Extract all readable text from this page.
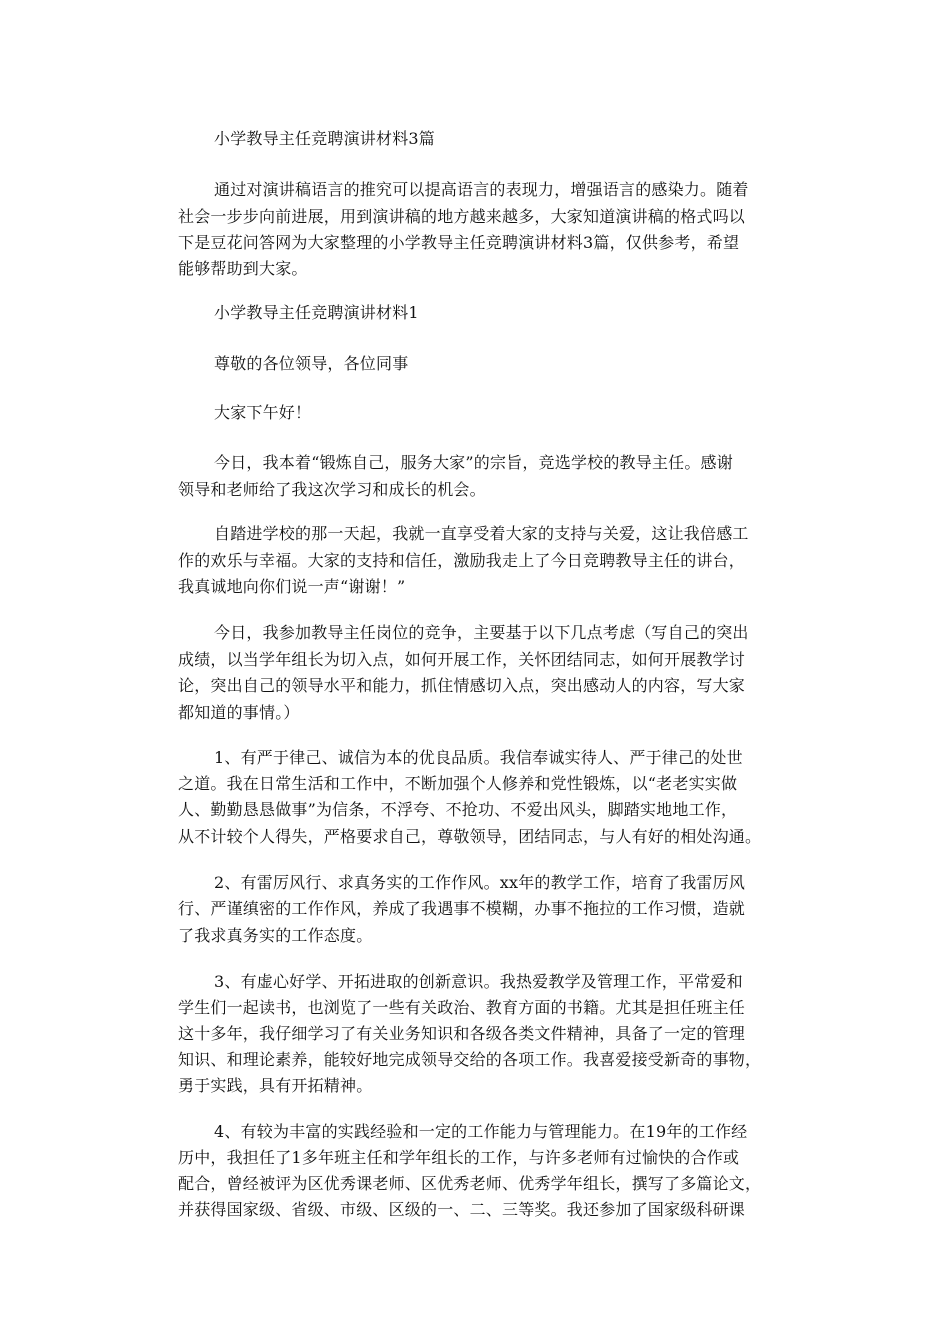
小学教导主任竞聘演讲材料3篇
通过对演讲稿语言的推究可以提高语言的表现力，增强语言的感染力。随着
社会一步步向前进展，用到演讲稿的地方越来越多，大家知道演讲稿的格式吗以
下是豆花问答网为大家整理的小学教导主任竞聘演讲材料3篇，仅供参考，希望
能够帮助到大家。
小学教导主任竞聘演讲材料1
尊敬的各位领导，各位同事
大家下午好！
今日，我本着“锻炼自己，服务大家”的宗旨，竞选学校的教导主任。感谢
领导和老师给了我这次学习和成长的机会。
自踏进学校的那一天起，我就一直享受着大家的支持与关爱，这让我倍感工
作的欢乐与幸福。大家的支持和信任，激励我走上了今日竞聘教导主任的讲台，
我真诚地向你们说一声“谢谢！”
今日，我参加教导主任岗位的竞争，主要基于以下几点考虑（写自己的突出
成绩，以当学年组长为切入点，如何开展工作，关怀团结同志，如何开展教学讨
论，突出自己的领导水平和能力，抓住情感切入点，突出感动人的内容，写大家
都知道的事情。）
1、有严于律己、诚信为本的优良品质。我信奉诚实待人、严于律己的处世
之道。我在日常生活和工作中，不断加强个人修养和党性锻炼，以“老老实实做
人、勤勤恳恳做事”为信条，不浮夸、不抢功、不爱出风头，脚踏实地地工作，
从不计较个人得失，严格要求自己，尊敬领导，团结同志，与人有好的相处沟通。
2、有雷厉风行、求真务实的工作作风。xx年的教学工作，培育了我雷厉风
行、严谨缜密的工作作风，养成了我遇事不模糊，办事不拖拉的工作习惯，造就
了我求真务实的工作态度。
3、有虚心好学、开拓进取的创新意识。我热爱教学及管理工作，平常爱和
学生们一起读书，也浏览了一些有关政治、教育方面的书籍。尤其是担任班主任
这十多年，我仔细学习了有关业务知识和各级各类文件精神，具备了一定的管理
知识、和理论素养，能较好地完成领导交给的各项工作。我喜爱接受新奇的事物，
勇于实践，具有开拓精神。
4、有较为丰富的实践经验和一定的工作能力与管理能力。在19年的工作经
历中，我担任了1多年班主任和学年组长的工作，与许多老师有过愉快的合作或
配合，曾经被评为区优秀课老师、区优秀老师、优秀学年组长，撰写了多篇论文，
并获得国家级、省级、市级、区级的一、二、三等奖。我还参加了国家级科研课
